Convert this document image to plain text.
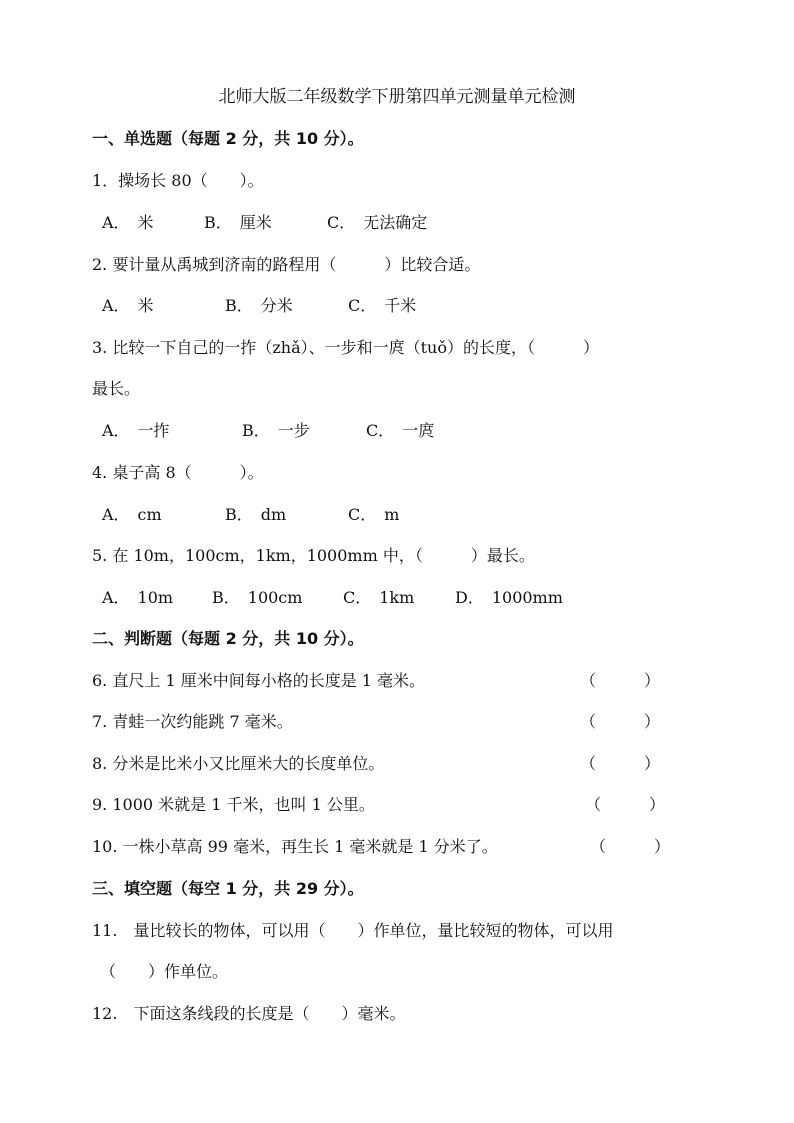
北师大版二年级数学下册第四单元测量单元检测
一、单选题（每题 2 分，共 10 分）。
1．操场长 80（　　）。
A．　米	B．　厘米	C．　无法确定
2. 要计量从禹城到济南的路程用（　　　）比较合适。
A．　米	B．　分米	C．　千米
3. 比较一下自己的一拃（zhǎ）、一步和一庹（tuǒ）的长度，（　　　）
最长。
A．　一拃	B．　一步	C．　一庹
4. 桌子高 8（　　　）。
A．　cm	B．　dm	C．　m
5. 在 10m，100cm，1km，1000mm 中，（　　　）最长。
A．　10m B．　100cm	C．　1km	D．　1000mm
二、判断题（每题 2 分，共 10 分）。
6. 直尺上 1 厘米中间每小格的长度是 1 毫米。	（　　　）
7. 青蛙一次约能跳 7 毫米。	（　　　）
8. 分米是比米小又比厘米大的长度单位。	（　　　）
9. 1000 米就是 1 千米，也叫 1 公里。	（　　　）
10. 一株小草高 99 毫米，再生长 1 毫米就是 1 分米了。	（　　　）
三、填空题（每空 1 分，共 29 分）。
11.　量比较长的物体，可以用（　　）作单位，量比较短的物体，可以用
（　　）作单位。
12.　下面这条线段的长度是（　　）毫米。
